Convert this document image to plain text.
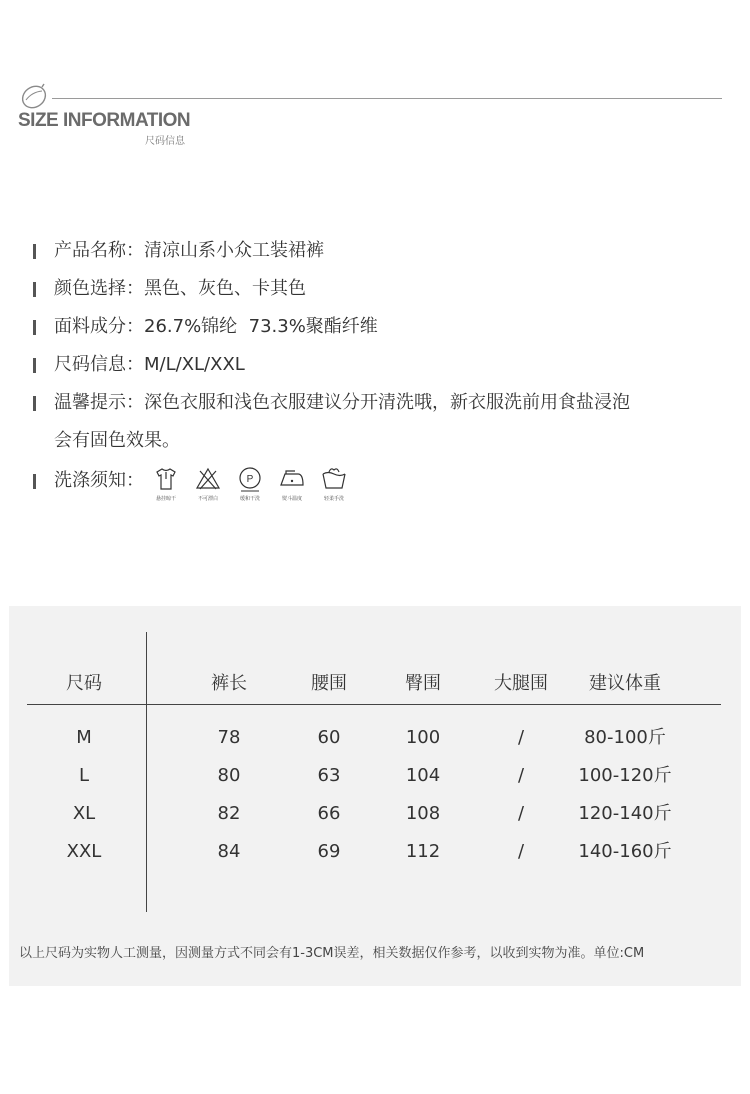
SIZE INFORMATION
尺码信息
产品名称：清凉山系小众工装裙裤
颜色选择：黑色、灰色、卡其色
面料成分：26.7%锦纶  73.3%聚酯纤维
尺码信息：M/L/XL/XXL
温馨提示：深色衣服和浅色衣服建议分开清洗哦，新衣服洗前用食盐浸泡
会有固色效果。
洗涤须知：
悬挂晾干	不可漂白
P
缓和干洗	熨斗温度	轻柔手洗
尺码	裤长	腰围	臀围	大腿围	建议体重
M	78	60	100	/	80-100斤
L	80	63	104	/	100-120斤
XL	82	66	108	/	120-140斤
XXL	84	69	112	/	140-160斤
以上尺码为实物人工测量，因测量方式不同会有1-3CM误差，相关数据仅作参考，以收到实物为准。单位:CM
